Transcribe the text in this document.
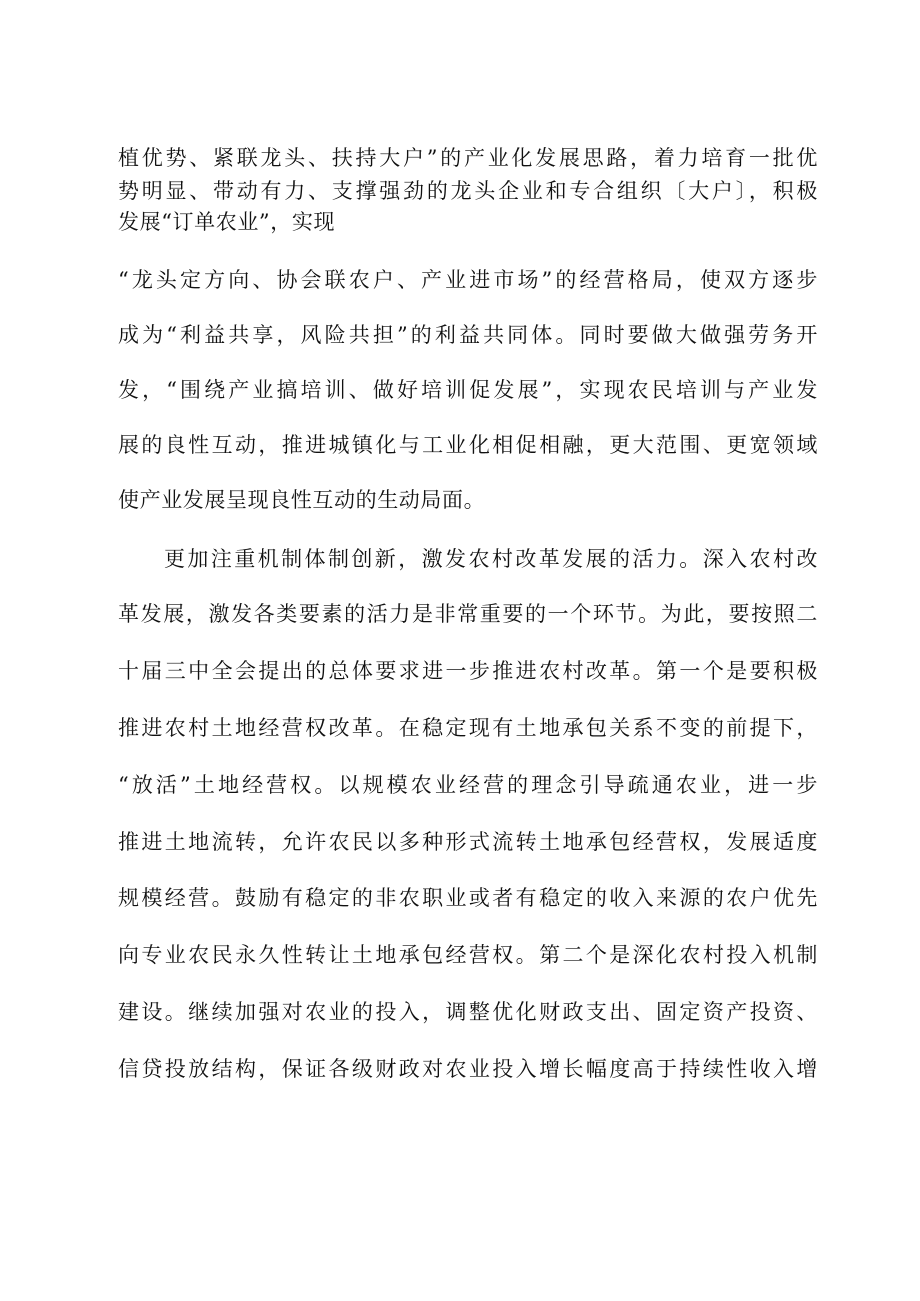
植优势、紧联龙头、扶持大户”的产业化发展思路，着力培育一批优
势明显、带动有力、支撑强劲的龙头企业和专合组织〔大户〕，积极
发展“订单农业”，实现
“龙头定方向、协会联农户、产业进市场”的经营格局，使双方逐步
成为“利益共享，风险共担”的利益共同体。同时要做大做强劳务开
发，“围绕产业搞培训、做好培训促发展”，实现农民培训与产业发
展的良性互动，推进城镇化与工业化相促相融，更大范围、更宽领域
使产业发展呈现良性互动的生动局面。
更加注重机制体制创新，激发农村改革发展的活力。深入农村改
革发展，激发各类要素的活力是非常重要的一个环节。为此，要按照二
十届三中全会提出的总体要求进一步推进农村改革。第一个是要积极
推进农村土地经营权改革。在稳定现有土地承包关系不变的前提下，
“放活”土地经营权。以规模农业经营的理念引导疏通农业，进一步
推进土地流转，允许农民以多种形式流转土地承包经营权，发展适度
规模经营。鼓励有稳定的非农职业或者有稳定的收入来源的农户优先
向专业农民永久性转让土地承包经营权。第二个是深化农村投入机制
建设。继续加强对农业的投入，调整优化财政支出、固定资产投资、
信贷投放结构，保证各级财政对农业投入增长幅度高于持续性收入增
